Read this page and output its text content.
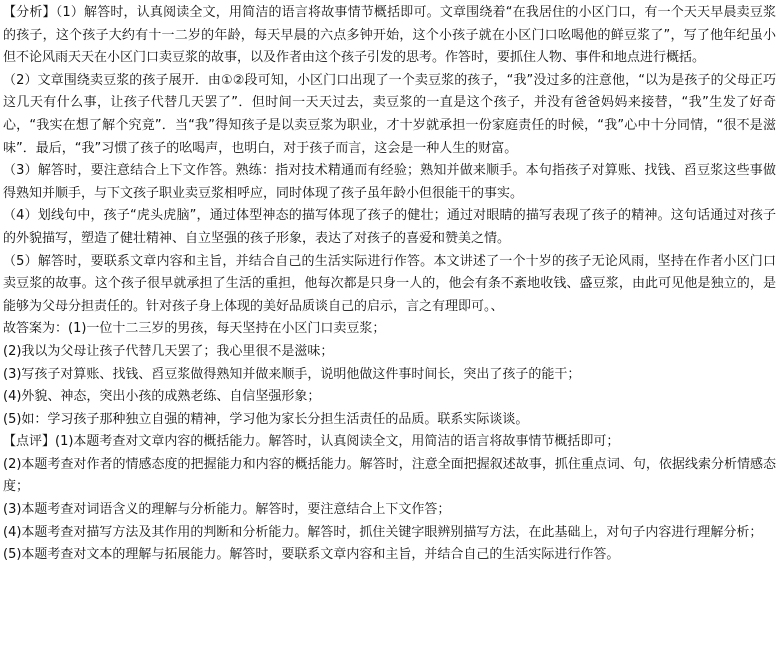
【分析】（1）解答时，认真阅读全文，用简洁的语言将故事情节概括即可。文章围绕着“在我居住的小区门口，有一个天天早晨卖豆浆的孩子，这个孩子大约有十一二岁的年龄，每天早晨的六点多钟开始，这个小孩子就在小区门口吆喝他的鲜豆浆了”，写了他年纪虽小但不论风雨天天在小区门口卖豆浆的故事，以及作者由这个孩子引发的思考。作答时，要抓住人物、事件和地点进行概括。

（2）文章围绕卖豆浆的孩子展开．由①②段可知，小区门口出现了一个卖豆浆的孩子，“我”没过多的注意他，“以为是孩子的父母正巧这几天有什么事，让孩子代替几天罢了”．但时间一天天过去，卖豆浆的一直是这个孩子，并没有爸爸妈妈来接替，“我”生发了好奇心，“我实在想了解个究竟”．当“我”得知孩子是以卖豆浆为职业，才十岁就承担一份家庭责任的时候，“我”心中十分同情，“很不是滋味”．最后，“我”习惯了孩子的吆喝声，也明白，对于孩子而言，这会是一种人生的财富。

（3）解答时，要注意结合上下文作答。熟练：指对技术精通而有经验；熟知并做来顺手。本句指孩子对算账、找钱、舀豆浆这些事做得熟知并顺手，与下文孩子职业卖豆浆相呼应，同时体现了孩子虽年龄小但很能干的事实。

（4）划线句中，孩子“虎头虎脑”，通过体型神态的描写体现了孩子的健壮；通过对眼睛的描写表现了孩子的精神。这句话通过对孩子的外貌描写，塑造了健壮精神、自立坚强的孩子形象，表达了对孩子的喜爱和赞美之情。

（5）解答时，要联系文章内容和主旨，并结合自己的生活实际进行作答。本文讲述了一个十岁的孩子无论风雨，坚持在作者小区门口卖豆浆的故事。这个孩子很早就承担了生活的重担，他每次都是只身一人的，他会有条不紊地收钱、盛豆浆，由此可见他是独立的，是能够为父母分担责任的。针对孩子身上体现的美好品质谈自己的启示，言之有理即可。、

故答案为：(1)一位十二三岁的男孩，每天坚持在小区门口卖豆浆；

(2)我以为父母让孩子代替几天罢了；我心里很不是滋味；

(3)写孩子对算账、找钱、舀豆浆做得熟知并做来顺手，说明他做这件事时间长，突出了孩子的能干；

(4)外貌、神态，突出小孩的成熟老练、自信坚强形象；

(5)如：学习孩子那种独立自强的精神，学习他为家长分担生活责任的品质。联系实际谈谈。

【点评】(1)本题考查对文章内容的概括能力。解答时，认真阅读全文，用简洁的语言将故事情节概括即可；

(2)本题考查对作者的情感态度的把握能力和内容的概括能力。解答时，注意全面把握叙述故事，抓住重点词、句，依据线索分析情感态度；

(3)本题考查对词语含义的理解与分析能力。解答时，要注意结合上下文作答；

(4)本题考查对描写方法及其作用的判断和分析能力。解答时，抓住关键字眼辨别描写方法，在此基础上，对句子内容进行理解分析；

(5)本题考查对文本的理解与拓展能力。解答时，要联系文章内容和主旨，并结合自己的生活实际进行作答。
